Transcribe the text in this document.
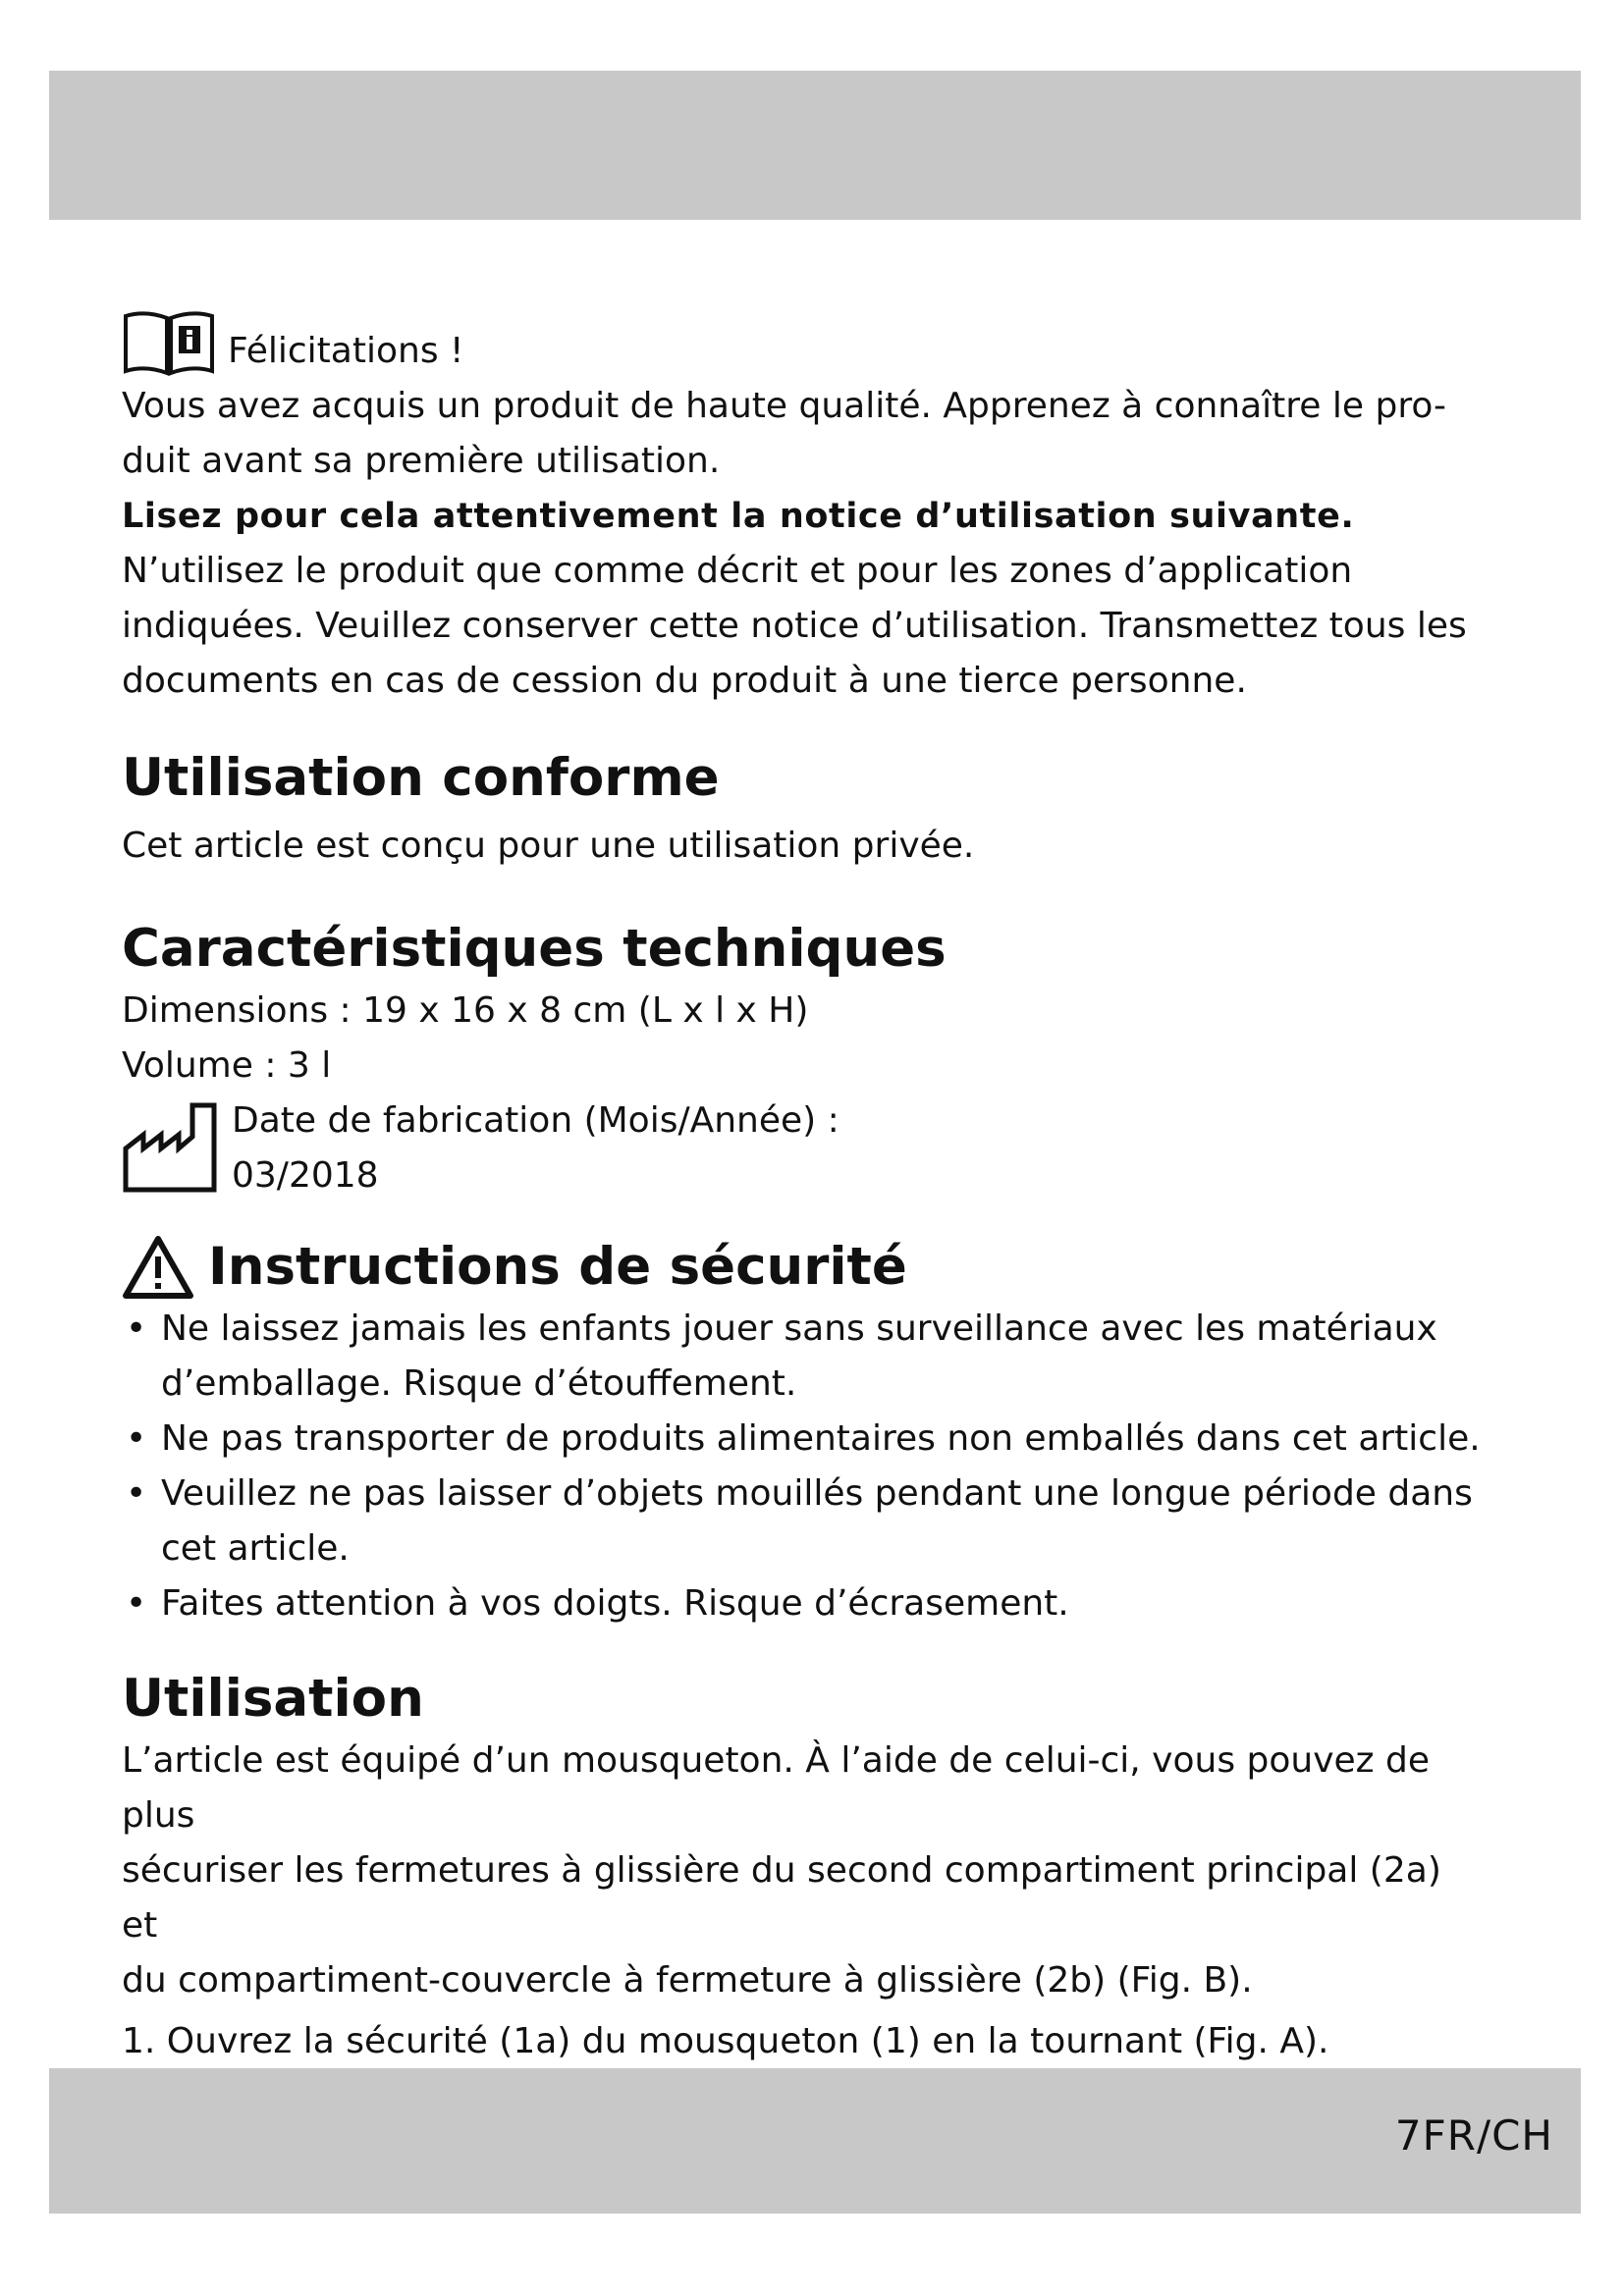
Félicitations !

Vous avez acquis un produit de haute qualité. Apprenez à connaître le pro-

duit avant sa première utilisation.

Lisez pour cela attentivement la notice d’utilisation suivante.

N’utilisez le produit que comme décrit et pour les zones d’application

indiquées. Veuillez conserver cette notice d’utilisation. Transmettez tous les

documents en cas de cession du produit à une tierce personne.

Utilisation conforme

Cet article est conçu pour une utilisation privée.

Caractéristiques techniques

Dimensions : 19 x 16 x 8 cm (L x l x H)

Volume : 3 l

Date de fabrication (Mois/Année) :

03/2018

Instructions de sécurité
• Ne laissez jamais les enfants jouer sans surveillance avec les matériaux
d’emballage. Risque d’étouffement.
• Ne pas transporter de produits alimentaires non emballés dans cet article.
• Veuillez ne pas laisser d’objets mouillés pendant une longue période dans
cet article.
• Faites attention à vos doigts. Risque d’écrasement.
Utilisation

L’article est équipé d’un mousqueton. À l’aide de celui-ci, vous pouvez de plus

sécuriser les fermetures à glissière du second compartiment principal (2a) et

du compartiment-couvercle à fermeture à glissière (2b) (Fig. B).

1. Ouvrez la sécurité (1a) du mousqueton (1) en la tournant (Fig. A).
7FR/CH
